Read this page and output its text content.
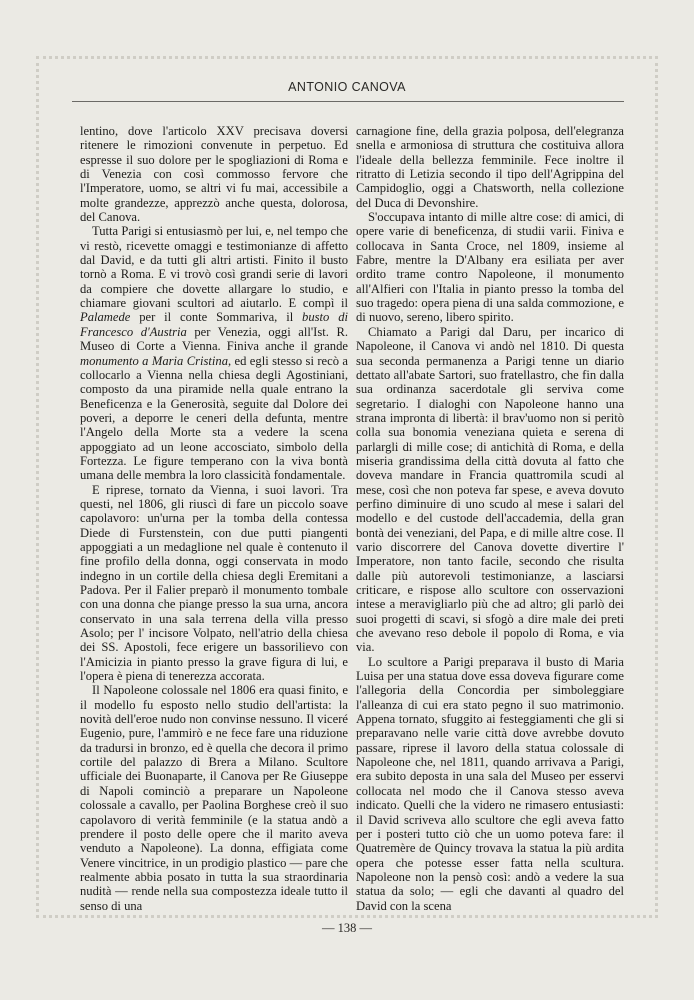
ANTONIO CANOVA

lentino, dove l'articolo XXV precisava doversi ritenere le rimozioni convenute in perpetuo. Ed espresse il suo dolore per le spogliazioni di Roma e di Venezia con così commosso fervore che l'Imperatore, uomo, se altri vi fu mai, accessibile a molte grandezze, apprezzò anche questa, dolorosa, del Canova.

Tutta Parigi si entusiasmò per lui, e, nel tempo che vi restò, ricevette omaggi e testimonianze di affetto dal David, e da tutti gli altri artisti. Finito il busto tornò a Roma. E vi trovò così grandi serie di lavori da compiere che dovette allargare lo studio, e chiamare giovani scultori ad aiutarlo. E compì il Palamede per il conte Sommariva, il busto di Francesco d'Austria per Venezia, oggi all'Ist. R. Museo di Corte a Vienna. Finiva anche il grande monumento a Maria Cristina, ed egli stesso si recò a collocarlo a Vienna nella chiesa degli Agostiniani, composto da una piramide nella quale entrano la Beneficenza e la Generosità, seguite dal Dolore dei poveri, a deporre le ceneri della defunta, mentre l'Angelo della Morte sta a vedere la scena appoggiato ad un leone accosciato, simbolo della Fortezza. Le figure temperano con la viva bontà umana delle membra la loro classicità fondamentale.

E riprese, tornato da Vienna, i suoi lavori. Tra questi, nel 1806, gli riuscì di fare un piccolo soave capolavoro: un'urna per la tomba della contessa Diede di Furstenstein, con due putti piangenti appoggiati a un medaglione nel quale è contenuto il fine profilo della donna, oggi conservata in modo indegno in un cortile della chiesa degli Eremitani a Padova. Per il Falier preparò il monumento tombale con una donna che piange presso la sua urna, ancora conservato in una sala terrena della villa presso Asolo; per l' incisore Volpato, nell'atrio della chiesa dei SS. Apostoli, fece erigere un bassorilievo con l'Amicizia in pianto presso la grave figura di lui, e l'opera è piena di tenerezza accorata.

Il Napoleone colossale nel 1806 era quasi finito, e il modello fu esposto nello studio dell'artista: la novità dell'eroe nudo non convinse nessuno. Il viceré Eugenio, pure, l'ammirò e ne fece fare una riduzione da tradursi in bronzo, ed è quella che decora il primo cortile del palazzo di Brera a Milano. Scultore ufficiale dei Buonaparte, il Canova per Re Giuseppe di Napoli cominciò a preparare un Napoleone colossale a cavallo, per Paolina Borghese creò il suo capolavoro di verità femminile (e la statua andò a prendere il posto delle opere che il marito aveva venduto a Napoleone). La donna, effigiata come Venere vincitrice, in un prodigio plastico — pare che realmente abbia posato in tutta la sua straordinaria nudità — rende nella sua compostezza ideale tutto il senso di una

carnagione fine, della grazia polposa, dell'elegranza snella e armoniosa di struttura che costituiva allora l'ideale della bellezza femminile. Fece inoltre il ritratto di Letizia secondo il tipo dell'Agrippina del Campidoglio, oggi a Chatsworth, nella collezione del Duca di Devonshire.

S'occupava intanto di mille altre cose: di amici, di opere varie di beneficenza, di studii varii. Finiva e collocava in Santa Croce, nel 1809, insieme al Fabre, mentre la D'Albany era esiliata per aver ordito trame contro Napoleone, il monumento all'Alfieri con l'Italia in pianto presso la tomba del suo tragedo: opera piena di una salda commozione, e di nuovo, sereno, libero spirito.

Chiamato a Parigi dal Daru, per incarico di Napoleone, il Canova vi andò nel 1810. Di questa sua seconda permanenza a Parigi tenne un diario dettato all'abate Sartori, suo fratellastro, che fin dalla sua ordinanza sacerdotale gli serviva come segretario. I dialoghi con Napoleone hanno una strana impronta di libertà: il brav'uomo non si peritò colla sua bonomia veneziana quieta e serena di parlargli di mille cose; di antichità di Roma, e della miseria grandissima della città dovuta al fatto che doveva mandare in Francia quattromila scudi al mese, così che non poteva far spese, e aveva dovuto perfino diminuire di uno scudo al mese i salari del modello e del custode dell'accademia, della gran bontà dei veneziani, del Papa, e di mille altre cose. Il vario discorrere del Canova dovette divertire l' Imperatore, non tanto facile, secondo che risulta dalle più autorevoli testimonianze, a lasciarsi criticare, e rispose allo scultore con osservazioni intese a meravigliarlo più che ad altro; gli parlò dei suoi progetti di scavi, si sfogò a dire male dei preti che avevano reso debole il popolo di Roma, e via via.

Lo scultore a Parigi preparava il busto di Maria Luisa per una statua dove essa doveva figurare come l'allegoria della Concordia per simboleggiare l'alleanza di cui era stato pegno il suo matrimonio. Appena tornato, sfuggito ai festeggiamenti che gli si preparavano nelle varie città dove avrebbe dovuto passare, riprese il lavoro della statua colossale di Napoleone che, nel 1811, quando arrivava a Parigi, era subito deposta in una sala del Museo per esservi collocata nel modo che il Canova stesso aveva indicato. Quelli che la videro ne rimasero entusiasti: il David scriveva allo scultore che egli aveva fatto per i posteri tutto ciò che un uomo poteva fare: il Quatremère de Quincy trovava la statua la più ardita opera che potesse esser fatta nella scultura. Napoleone non la pensò così: andò a vedere la sua statua da solo; — egli che davanti al quadro del David con la scena

— 138 —
